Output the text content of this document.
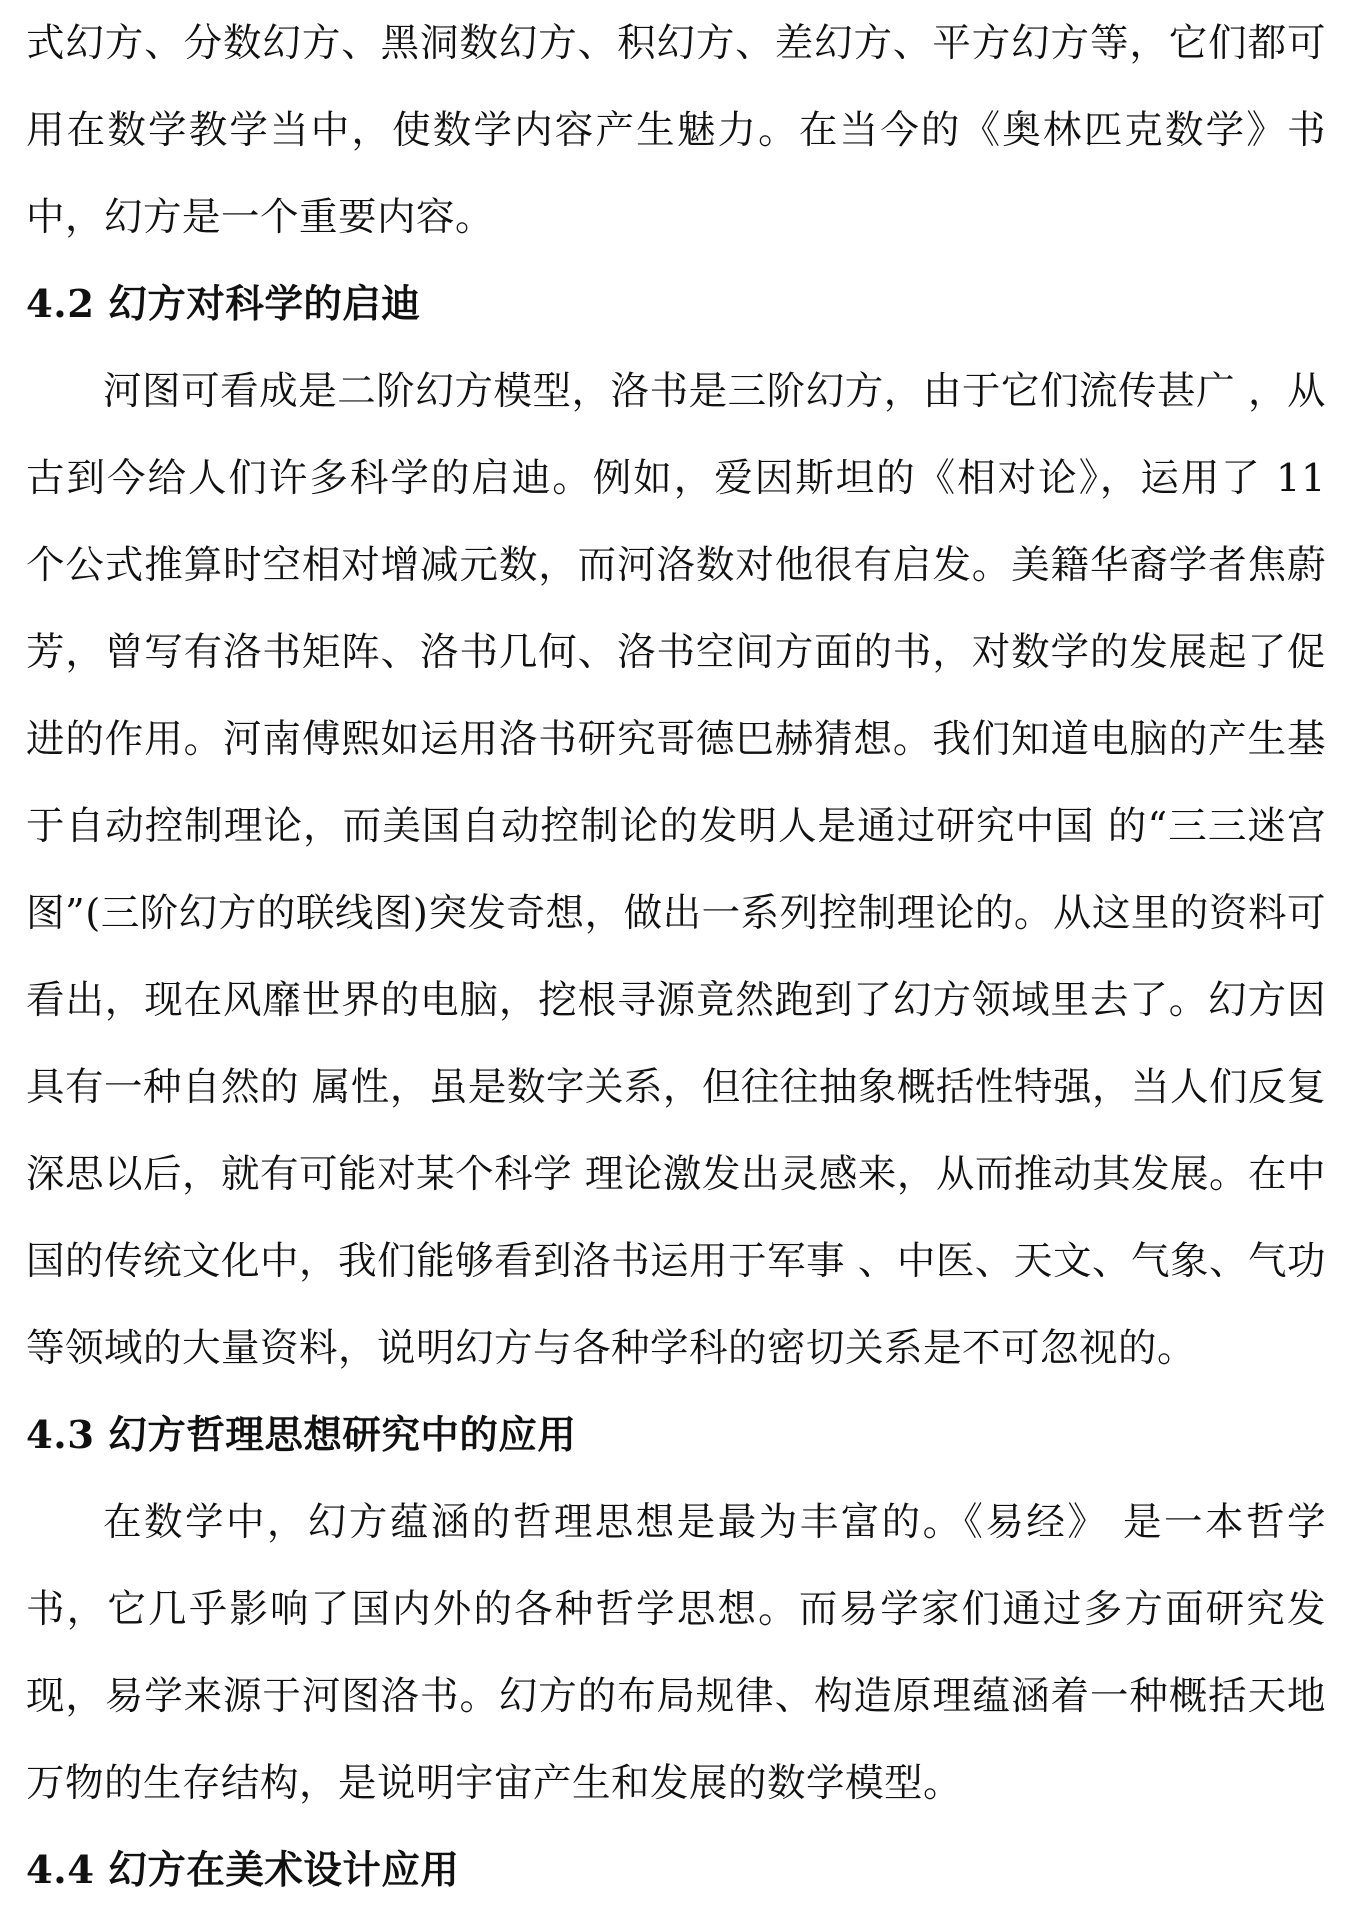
式幻方、分数幻方、黑洞数幻方、积幻方、差幻方、平方幻方等，它们都可用在数学教学当中，使数学内容产生魅力。在当今的《奥林匹克数学》书中，幻方是一个重要内容。

4.2 幻方对科学的启迪

河图可看成是二阶幻方模型，洛书是三阶幻方，由于它们流传甚广 ，从古到今给人们许多科学的启迪。例如，爱因斯坦的《相对论》，运用了 11 个公式推算时空相对增减元数，而河洛数对他很有启发。美籍华裔学者焦蔚芳，曾写有洛书矩阵、洛书几何、洛书空间方面的书，对数学的发展起了促进的作用。河南傅熙如运用洛书研究哥德巴赫猜想。我们知道电脑的产生基于自动控制理论，而美国自动控制论的发明人是通过研究中国 的“三三迷宫图”(三阶幻方的联线图)突发奇想，做出一系列控制理论的。从这里的资料可看出，现在风靡世界的电脑，挖根寻源竟然跑到了幻方领域里去了。幻方因具有一种自然的 属性，虽是数字关系，但往往抽象概括性特强，当人们反复深思以后，就有可能对某个科学 理论激发出灵感来，从而推动其发展。在中国的传统文化中，我们能够看到洛书运用于军事 、中医、天文、气象、气功等领域的大量资料，说明幻方与各种学科的密切关系是不可忽视的。

4.3 幻方哲理思想研究中的应用

在数学中，幻方蕴涵的哲理思想是最为丰富的。《易经》 是一本哲学书，它几乎影响了国内外的各种哲学思想。而易学家们通过多方面研究发现，易学来源于河图洛书。幻方的布局规律、构造原理蕴涵着一种概括天地万物的生存结构，是说明宇宙产生和发展的数学模型。

4.4 幻方在美术设计应用
